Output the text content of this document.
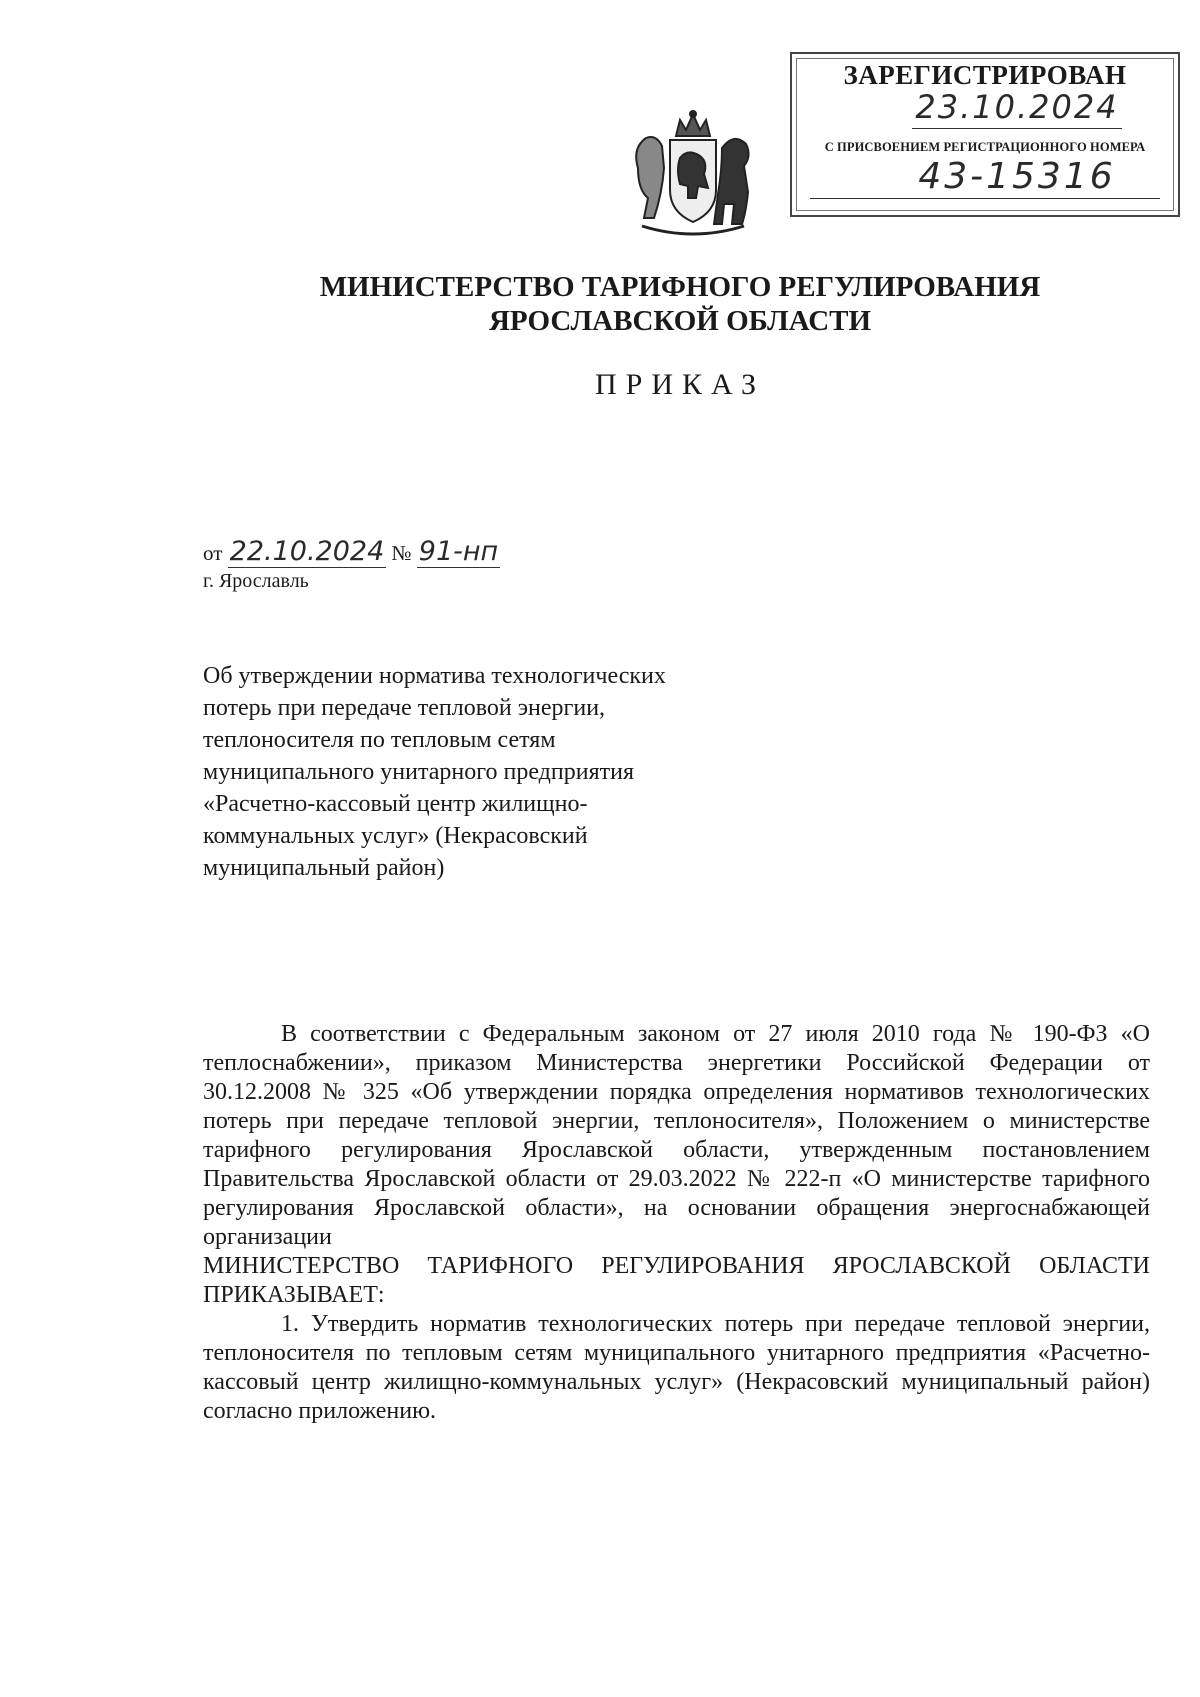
ЗАРЕГИСТРИРОВАН
23.10.2024
С ПРИСВОЕНИЕМ РЕГИСТРАЦИОННОГО НОМЕРА
43-15316
МИНИСТЕРСТВО ТАРИФНОГО РЕГУЛИРОВАНИЯ
ЯРОСЛАВСКОЙ ОБЛАСТИ
ПРИКАЗ
от 22.10.2024 № 91-нп
г. Ярославль
Об утверждении норматива технологических потерь при передаче тепловой энергии, теплоносителя по тепловым сетям муниципального унитарного предприятия «Расчетно-кассовый центр жилищно-коммунальных услуг» (Некрасовский муниципальный район)

В соответствии с Федеральным законом от 27 июля 2010 года № 190-ФЗ «О теплоснабжении», приказом Министерства энергетики Российской Федерации от 30.12.2008 № 325 «Об утверждении порядка определения нормативов технологических потерь при передаче тепловой энергии, теплоносителя», Положением о министерстве тарифного регулирования Ярославской области, утвержденным постановлением Правительства Ярославской области от 29.03.2022 № 222-п «О министерстве тарифного регулирования Ярославской области», на основании обращения энергоснабжающей организации

МИНИСТЕРСТВО ТАРИФНОГО РЕГУЛИРОВАНИЯ ЯРОСЛАВСКОЙ ОБЛАСТИ ПРИКАЗЫВАЕТ:

1. Утвердить норматив технологических потерь при передаче тепловой энергии, теплоносителя по тепловым сетям муниципального унитарного предприятия «Расчетно-кассовый центр жилищно-коммунальных услуг» (Некрасовский муниципальный район) согласно приложению.
